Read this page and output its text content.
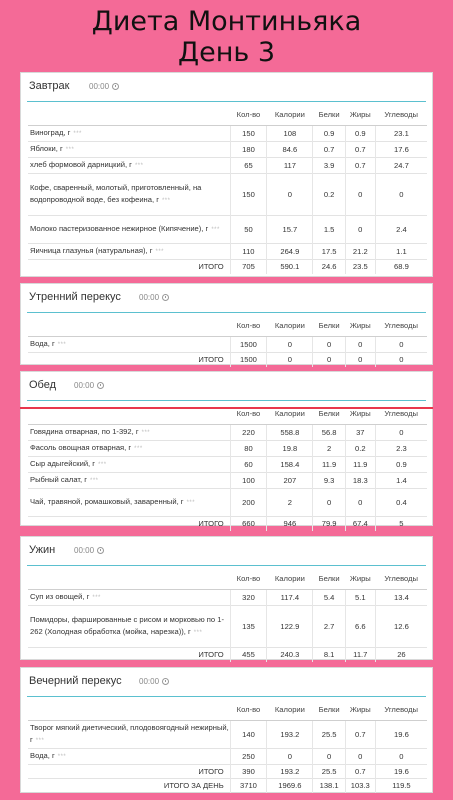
Диета Монтиньяка
День 3
Завтрак 00:00
	Кол-во	Калории	Белки	Жиры	Углеводы
Виноград, г ***	150	108	0.9	0.9	23.1
Яблоки, г ***	180	84.6	0.7	0.7	17.6
хлеб формовой дарницкий, г ***	65	117	3.9	0.7	24.7
Кофе, сваренный, молотый, приготовленный, на водопроводной воде, без кофеина, г ***	150	0	0.2	0	0
Молоко пастеризованное нежирное (Кипячение), г ***	50	15.7	1.5	0	2.4
Яичница глазунья (натуральная), г ***	110	264.9	17.5	21.2	1.1
ИТОГО	705	590.1	24.6	23.5	68.9
Утренний перекус 00:00
	Кол-во	Калории	Белки	Жиры	Углеводы
Вода, г ***	1500	0	0	0	0
ИТОГО	1500	0	0	0	0
Обед 00:00
	Кол-во	Калории	Белки	Жиры	Углеводы
Говядина отварная, по 1-392, г ***	220	558.8	56.8	37	0
Фасоль овощная отварная, г ***	80	19.8	2	0.2	2.3
Сыр адыгейский, г ***	60	158.4	11.9	11.9	0.9
Рыбный салат, г ***	100	207	9.3	18.3	1.4
Чай, травяной, ромашковый, заваренный, г ***	200	2	0	0	0.4
ИТОГО	660	946	79.9	67.4	5
Ужин 00:00
	Кол-во	Калории	Белки	Жиры	Углеводы
Суп из овощей, г ***	320	117.4	5.4	5.1	13.4
Помидоры, фаршированные с рисом и морковью по 1-262 (Холодная обработка (мойка, нарезка)), г ***	135	122.9	2.7	6.6	12.6
ИТОГО	455	240.3	8.1	11.7	26
Вечерний перекус 00:00
	Кол-во	Калории	Белки	Жиры	Углеводы
Творог мягкий диетический, плодовоягодный нежирный, г ***	140	193.2	25.5	0.7	19.6
Вода, г ***	250	0	0	0	0
ИТОГО	390	193.2	25.5	0.7	19.6
ИТОГО ЗА ДЕНЬ	3710	1969.6	138.1	103.3	119.5
